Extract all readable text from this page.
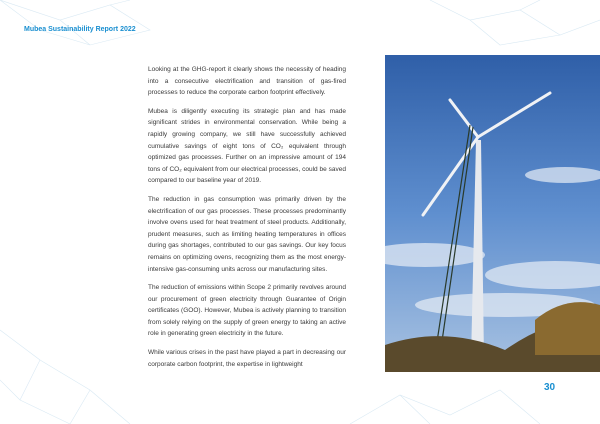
Mubea Sustainability Report 2022

Looking at the GHG-report it clearly shows the necessity of heading into a consecutive electrification and transition of gas-fired processes to reduce the corporate carbon footprint effectively.

Mubea is diligently executing its strategic plan and has made significant strides in environmental conservation. While being a rapidly growing company, we still have successfully achieved cumulative savings of eight tons of CO₂ equivalent through optimized gas processes. Further on an impressive amount of 194 tons of CO₂ equivalent from our electrical processes, could be saved compared to our baseline year of 2019.

The reduction in gas consumption was primarily driven by the electrification of our gas processes. These processes predominantly involve ovens used for heat treatment of steel products. Additionally, prudent measures, such as limiting heating temperatures in offices during gas shortages, contributed to our gas savings. Our key focus remains on optimizing ovens, recognizing them as the most energy-intensive gas-consuming units across our manufacturing sites.

The reduction of emissions within Scope 2 primarily revolves around our procurement of green electricity through Guarantee of Origin certificates (GOO). However, Mubea is actively planning to transition from solely relying on the supply of green energy to taking an active role in generating green electricity in the future.

While various crises in the past have played a part in decreasing our corporate carbon footprint, the expertise in lightweight

30
